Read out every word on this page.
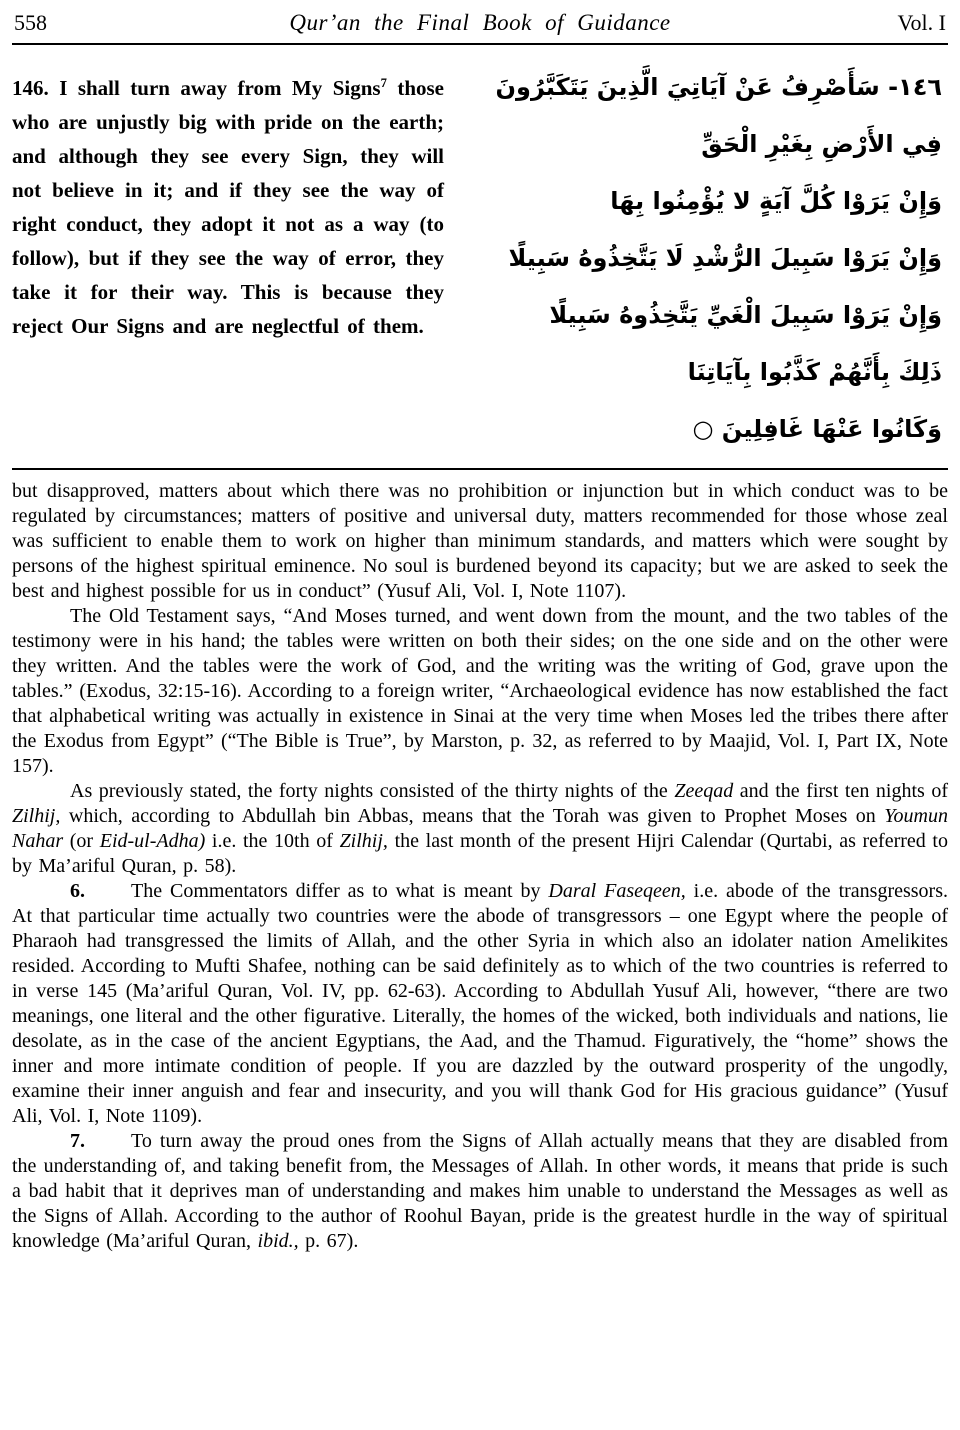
558	Qur’an the Final Book of Guidance	Vol. I
146. I shall turn away from My Signs$^7$ those who are unjustly big with pride on the earth; and although they see every Sign, they will not believe in it; and if they see the way of right conduct, they adopt it not as a way (to follow), but if they see the way of error, they take it for their way. This is because they reject Our Signs and are neglectful of them.
١٤٦- سَأَصْرِفُ عَنْ آيَاتِيَ الَّذِينَ يَتَكَبَّرُونَ
فِي الأَرْضِ بِغَيْرِ الْحَقِّ
وَإِنْ يَرَوْا كُلَّ آيَةٍ لا يُؤْمِنُوا بِهَا
وَإِنْ يَرَوْا سَبِيلَ الرُّشْدِ لَا يَتَّخِذُوهُ سَبِيلًا
وَإِنْ يَرَوْا سَبِيلَ الْغَيِّ يَتَّخِذُوهُ سَبِيلًا
ذَلِكَ بِأَنَّهُمْ كَذَّبُوا بِآيَاتِنَا
وَكَانُوا عَنْهَا غَافِلِينَ ○

but disapproved, matters about which there was no prohibition or injunction but in which conduct was to be regulated by circumstances; matters of positive and universal duty, matters recommended for those whose zeal was sufficient to enable them to work on higher than minimum standards, and matters which were sought by persons of the highest spiritual eminence. No soul is burdened beyond its capacity; but we are asked to seek the best and highest possible for us in conduct” (Yusuf Ali, Vol. I, Note 1107).

The Old Testament says, “And Moses turned, and went down from the mount, and the two tables of the testimony were in his hand; the tables were written on both their sides; on the one side and on the other were they written. And the tables were the work of God, and the writing was the writing of God, grave upon the tables.” (Exodus, 32:15-16). According to a foreign writer, “Archaeological evidence has now established the fact that alphabetical writing was actually in existence in Sinai at the very time when Moses led the tribes there after the Exodus from Egypt” (“The Bible is True”, by Marston, p. 32, as referred to by Maajid, Vol. I, Part IX, Note 157).

As previously stated, the forty nights consisted of the thirty nights of the Zeeqad and the first ten nights of Zilhij, which, according to Abdullah bin Abbas, means that the Torah was given to Prophet Moses on Youmun Nahar (or Eid-ul-Adha) i.e. the 10th of Zilhij, the last month of the present Hijri Calendar (Qurtabi, as referred to by Ma’ariful Quran, p. 58).

6. The Commentators differ as to what is meant by Daral Faseqeen, i.e. abode of the transgressors. At that particular time actually two countries were the abode of transgressors – one Egypt where the people of Pharaoh had transgressed the limits of Allah, and the other Syria in which also an idolater nation Amelikites resided. According to Mufti Shafee, nothing can be said definitely as to which of the two countries is referred to in verse 145 (Ma’ariful Quran, Vol. IV, pp. 62-63). According to Abdullah Yusuf Ali, however, “there are two meanings, one literal and the other figurative. Literally, the homes of the wicked, both individuals and nations, lie desolate, as in the case of the ancient Egyptians, the Aad, and the Thamud. Figuratively, the “home” shows the inner and more intimate condition of people. If you are dazzled by the outward prosperity of the ungodly, examine their inner anguish and fear and insecurity, and you will thank God for His gracious guidance” (Yusuf Ali, Vol. I, Note 1109).

7. To turn away the proud ones from the Signs of Allah actually means that they are disabled from the understanding of, and taking benefit from, the Messages of Allah. In other words, it means that pride is such a bad habit that it deprives man of understanding and makes him unable to understand the Messages as well as the Signs of Allah. According to the author of Roohul Bayan, pride is the greatest hurdle in the way of spiritual knowledge (Ma’ariful Quran, ibid., p. 67).
